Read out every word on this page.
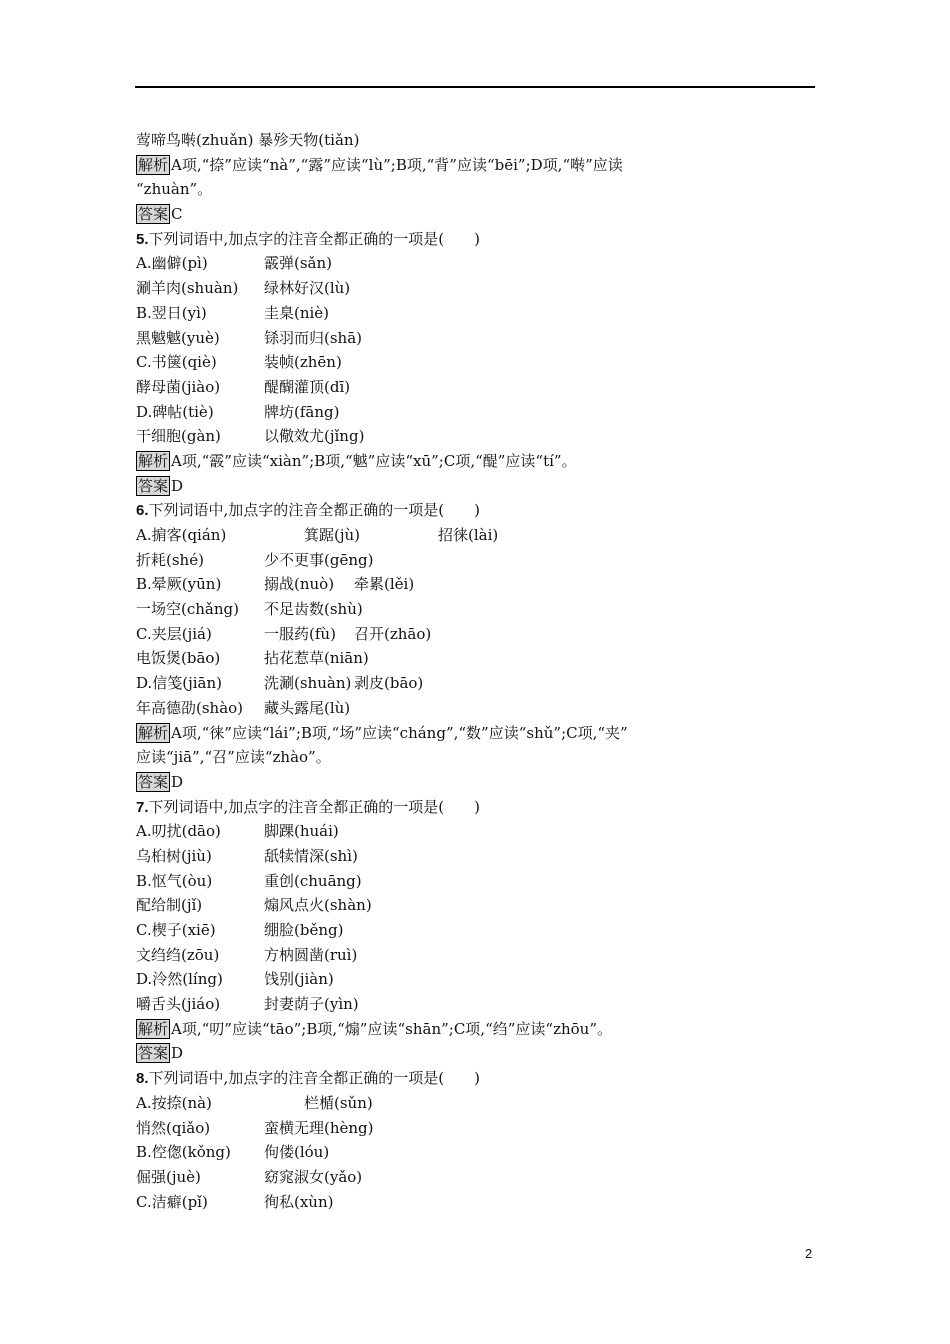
莺啼鸟啭(zhuǎn) 暴殄天物(tiǎn)
解析 A项,“捺”应读“nà”,“露”应读“lù”;B项,“背”应读“bēi”;D项,“啭”应读
“zhuàn”。
答案 C
5.下列词语中,加点字的注音全都正确的一项是(　　)
A.幽僻(pì)	霰弹(sǎn)
涮羊肉(shuàn) 绿林好汉(lù)
B.翌日(yì)	圭臬(niè)
黑魆魆(yuè)	铩羽而归(shā)
C.书箧(qiè)	装帧(zhēn)
酵母菌(jiào)	醍醐灌顶(dī)
D.碑帖(tiè)	牌坊(fāng)
干细胞(gàn)	以儆效尤(jǐng)
解析 A项,“霰”应读“xiàn”;B项,“魆”应读“xū”;C项,“醍”应读“tí”。
答案 D
6.下列词语中,加点字的注音全都正确的一项是(　　)
A.掮客(qián)	箕踞(jù)	招徕(lài)
折耗(shé)	少不更事(gēng)
B.晕厥(yūn)	搦战(nuò) 牵累(lěi)
一场空(chǎng) 不足齿数(shù)
C.夹层(jiá)	一服药(fù) 召开(zhāo)
电饭煲(bāo)	拈花惹草(niān)
D.信笺(jiān)	洗涮(shuàn) 剥皮(bāo)
年高德劭(shào) 藏头露尾(lù)
解析 A项,“徕”应读“lái”;B项,“场”应读“cháng”,“数”应读“shǔ”;C项,“夹”
应读“jiā”,“召”应读“zhào”。
答案 D
7.下列词语中,加点字的注音全都正确的一项是(　　)
A.叨扰(dāo)	脚踝(huái)
乌桕树(jiù)	舐犊情深(shì)
B.怄气(òu)	重创(chuāng)
配给制(jǐ)	煽风点火(shàn)
C.楔子(xiē)	绷脸(běng)
文绉绉(zōu)	方枘圆凿(ruì)
D.泠然(líng)	饯别(jiàn)
嚼舌头(jiáo)	封妻荫子(yìn)
解析 A项,“叨”应读“tāo”;B项,“煽”应读“shān”;C项,“绉”应读“zhōu”。
答案 D
8.下列词语中,加点字的注音全都正确的一项是(　　)
A.按捺(nà)	栏楯(sǔn)
悄然(qiǎo)	蛮横无理(hèng)
B.倥偬(kǒng) 佝偻(lóu)
倔强(juè)	窈窕淑女(yǎo)
C.洁癖(pǐ)	徇私(xùn)
2
